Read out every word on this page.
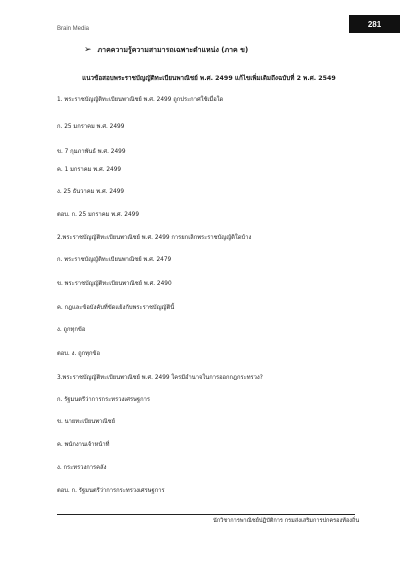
Brain Media
281
➢ ภาคความรู้ความสามารถเฉพาะตำแหน่ง (ภาค ข)
แนวข้อสอบพระราชบัญญัติทะเบียนพาณิชย์ พ.ศ. 2499 แก้ไขเพิ่มเติมถึงฉบับที่ 2 พ.ศ. 2549
1. พระราชบัญญัติทะเบียนพาณิชย์ พ.ศ. 2499 ถูกประกาศใช้เมื่อใด
ก. 25 มกราคม พ.ศ. 2499
ข. 7 กุมภาพันธ์ พ.ศ. 2499
ค. 1 มกราคม พ.ศ. 2499
ง. 25 ธันวาคม พ.ศ. 2499
ตอบ. ก. 25 มกราคม พ.ศ. 2499
2.พระราชบัญญัติทะเบียนพาณิชย์ พ.ศ. 2499 การยกเลิกพระราชบัญญัติใดบ้าง
ก. พระราชบัญญัติทะเบียนพาณิชย์ พ.ศ. 2479
ข. พระราชบัญญัติทะเบียนพาณิชย์ พ.ศ. 2490
ค. กฎและข้อบังคับที่ขัดแย้งกับพระราชบัญญัตินี้
ง. ถูกทุกข้อ
ตอบ. ง. ถูกทุกข้อ
3.พระราชบัญญัติทะเบียนพาณิชย์ พ.ศ. 2499 ใครมีอำนาจในการออกกฎกระทรวง?
ก. รัฐมนตรีว่าการกระทรวงเศรษฐการ
ข. นายทะเบียนพาณิชย์
ค. พนักงานเจ้าหน้าที่
ง. กระทรวงการคลัง
ตอบ. ก. รัฐมนตรีว่าการกระทรวงเศรษฐการ
นักวิชาการพาณิชย์ปฏิบัติการ กรมส่งเสริมการปกครองท้องถิ่น
